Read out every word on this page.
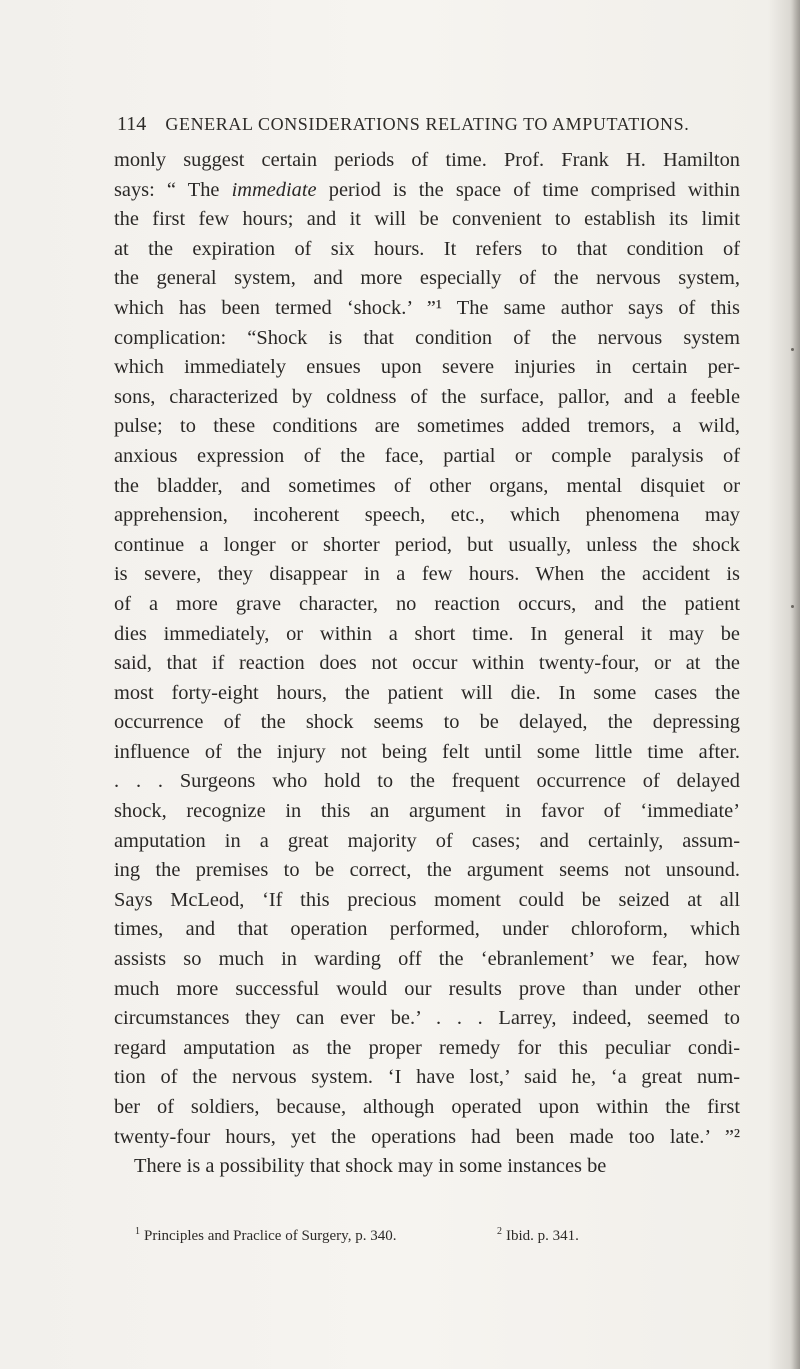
114 GENERAL CONSIDERATIONS RELATING TO AMPUTATIONS.
monly suggest certain periods of time. Prof. Frank H. Hamilton
says: “ The immediate period is the space of time comprised within
the first few hours; and it will be convenient to establish its limit
at the expiration of six hours. It refers to that condition of
the general system, and more especially of the nervous system,
which has been termed ‘shock.’ ”¹ The same author says of this
complication: “Shock is that condition of the nervous system
which immediately ensues upon severe injuries in certain per-
sons, characterized by coldness of the surface, pallor, and a feeble
pulse; to these conditions are sometimes added tremors, a wild,
anxious expression of the face, partial or comple paralysis of
the bladder, and sometimes of other organs, mental disquiet or
apprehension, incoherent speech, etc., which phenomena may
continue a longer or shorter period, but usually, unless the shock
is severe, they disappear in a few hours. When the accident is
of a more grave character, no reaction occurs, and the patient
dies immediately, or within a short time. In general it may be
said, that if reaction does not occur within twenty-four, or at the
most forty-eight hours, the patient will die. In some cases the
occurrence of the shock seems to be delayed, the depressing
influence of the injury not being felt until some little time after.
. . . Surgeons who hold to the frequent occurrence of delayed
shock, recognize in this an argument in favor of ‘immediate’
amputation in a great majority of cases; and certainly, assum-
ing the premises to be correct, the argument seems not unsound.
Says McLeod, ‘If this precious moment could be seized at all
times, and that operation performed, under chloroform, which
assists so much in warding off the ‘ebranlement’ we fear, how
much more successful would our results prove than under other
circumstances they can ever be.’ . . . Larrey, indeed, seemed to
regard amputation as the proper remedy for this peculiar condi-
tion of the nervous system. ‘I have lost,’ said he, ‘a great num-
ber of soldiers, because, although operated upon within the first
twenty-four hours, yet the operations had been made too late.’ ”²
There is a possibility that shock may in some instances be
$^1$ Principles and Praclice of Surgery, p. 340.	$^2$ Ibid. p. 341.
